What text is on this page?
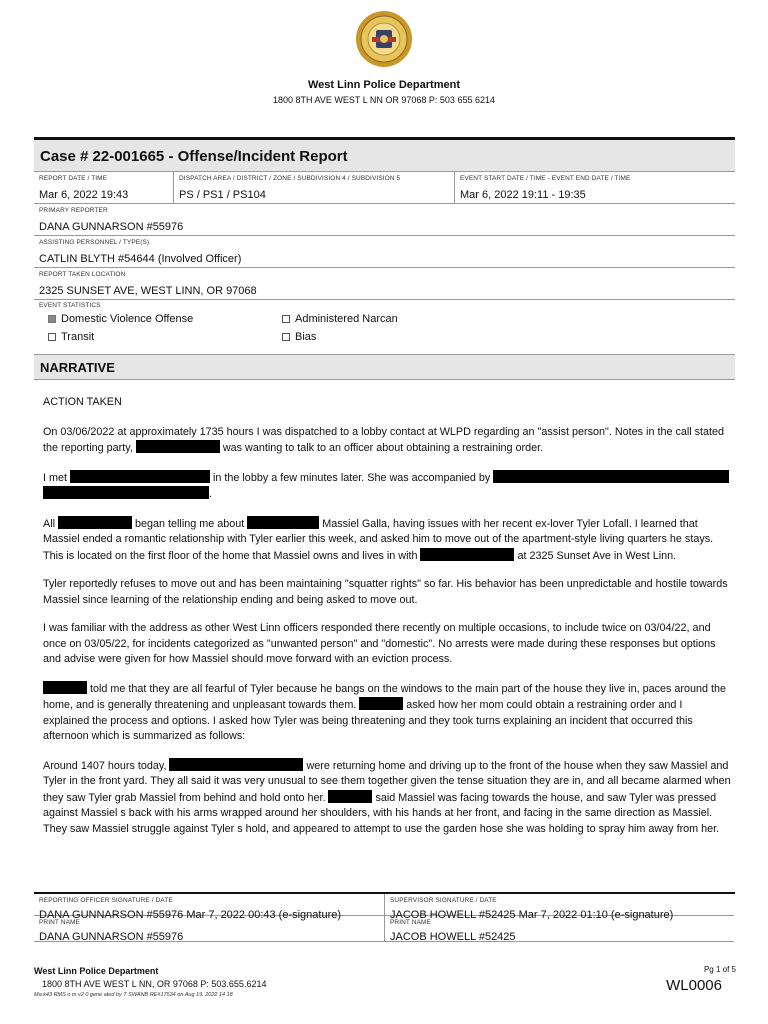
West Linn Police Department
1800 8TH AVE WEST L NN OR 97068 P: 503 655 6214
Case # 22-001665 - Offense/Incident Report
REPORT DATE / TIME
Mar 6, 2022 19:43
DISPATCH AREA / DISTRICT / ZONE / SUBDIVISION 4 / SUBDIVISION 5
PS / PS1 / PS104
EVENT START DATE / TIME - EVENT END DATE / TIME
Mar 6, 2022 19:11 - 19:35
PRIMARY REPORTER
DANA GUNNARSON #55976
ASSISTING PERSONNEL / TYPE(S)
CATLIN BLYTH #54644 (Involved Officer)
REPORT TAKEN LOCATION
2325 SUNSET AVE, WEST LINN, OR 97068
EVENT STATISTICS
Domestic Violence Offense	Administered Narcan
Transit	Bias
NARRATIVE

ACTION TAKEN

On 03/06/2022 at approximately 1735 hours I was dispatched to a lobby contact at WLPD regarding an "assist person". Notes in the call stated the reporting party,	was wanting to talk to an officer about obtaining a restraining order.

I met	in the lobby a few minutes later. She was accompanied by
.

All	began telling me about	Massiel Galla, having issues with her recent ex-lover Tyler Lofall. I learned that Massiel ended a romantic relationship with Tyler earlier this week, and asked him to move out of the apartment-style living quarters he stays. This is located on the first floor of the home that Massiel owns and lives in with	at 2325 Sunset Ave in West Linn.

Tyler reportedly refuses to move out and has been maintaining "squatter rights" so far. His behavior has been unpredictable and hostile towards Massiel since learning of the relationship ending and being asked to move out.

I was familiar with the address as other West Linn officers responded there recently on multiple occasions, to include twice on 03/04/22, and once on 03/05/22, for incidents categorized as "unwanted person" and "domestic". No arrests were made during these responses but options and advise were given for how Massiel should move forward with an eviction process.

told me that they are all fearful of Tyler because he bangs on the windows to the main part of the house they live in, paces around the home, and is generally threatening and unpleasant towards them.	asked how her mom could obtain a restraining order and I explained the process and options. I asked how Tyler was being threatening and they took turns explaining an incident that occurred this afternoon which is summarized as follows:

Around 1407 hours today,	were returning home and driving up to the front of the house when they saw Massiel and Tyler in the front yard. They all said it was very unusual to see them together given the tense situation they are in, and all became alarmed when they saw Tyler grab Massiel from behind and hold onto her.	said Massiel was facing towards the house, and saw Tyler was pressed against Massiel s back with his arms wrapped around her shoulders, with his hands at her front, and facing in the same direction as Massiel. They saw Massiel struggle against Tyler s hold, and appeared to attempt to use the garden hose she was holding to spray him away from her.

REPORTING OFFICER SIGNATURE / DATE
DANA GUNNARSON #55976 Mar 7, 2022 00:43 (e-signature)
PRINT NAME
DANA GUNNARSON #55976
SUPERVISOR SIGNATURE / DATE
JACOB HOWELL #52425 Mar 7, 2022 01:10 (e-signature)
PRINT NAME
JACOB HOWELL #52425
West Linn Police Department
1800 8TH AVE WEST L NN, OR 97068 P: 503.655.6214
Ma k43 RMS o m v2 0 gene ated by T SWANB RE#17534 on Aug 19, 2022 14 18
Pg 1 of 5
WL0006
